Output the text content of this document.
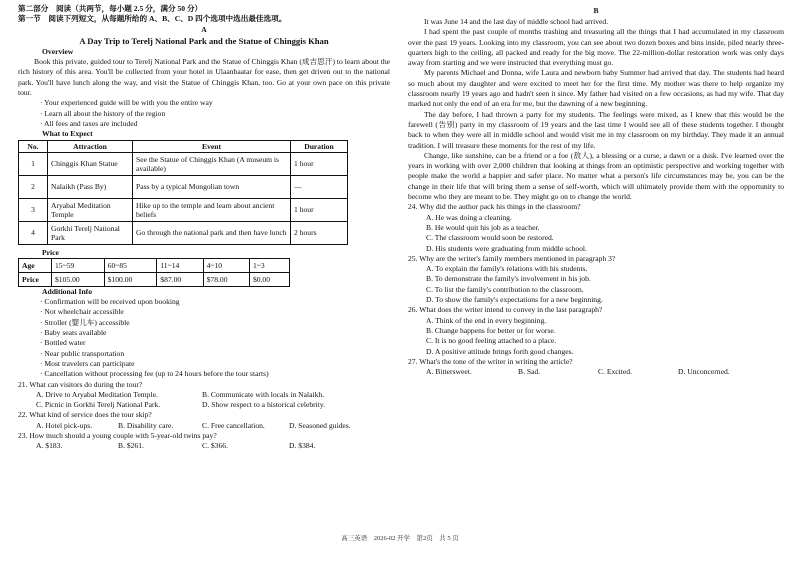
第二部分　阅读（共两节，每小题 2.5 分，满分 50 分）

第一节　阅读下列短文，从每题所给的 A、B、C、D 四个选项中选出最佳选项。

A

A Day Trip to Terelj National Park and the Statue of Chinggis Khan

Overview

Book this private, guided tour to Terelj National Park and the Statue of Chinggis Khan (成吉思汗) to learn about the rich history of this area. You'll be collected from your hotel in Ulaanbaatar for ease, then get driven out to the national park. You'll have lunch along the way, and visit the Statue of Chinggis Khan, too. Go at your own pace on this private tour.

· Your experienced guide will be with you the entire way

· Learn all about the history of the region

· All fees and taxes are included

What to Expect

No.	Attraction	Event	Duration
1	Chinggis Khan Statue	See the Statue of Chinggis Khan (A museum is available)	1 hour
2	Nalaikh (Pass By)	Pass by a typical Mongolian town	—
3	Aryabal Meditation Temple	Hike up to the temple and learn about ancient beliefs	1 hour
4	Gorkhi Terelj National Park	Go through the national park and then have lunch	2 hours

Price

Age	15~59	60~85	11~14	4~10	1~3
Price	$105.00	$100.00	$87.00	$78.00	$0.00

Additional Info

· Confirmation will be received upon booking

· Not wheelchair accessible

· Stroller (婴儿车) accessible

· Baby seats available

· Bottled water

· Near public transportation

· Most travelers can participate

· Cancellation without processing fee (up to 24 hours before the tour starts)

21. What can visitors do during the tour?

A. Drive to Aryabal Meditation Temple.	B. Communicate with locals in Nalaikh.
C. Picnic in Gorkhi Terelj National Park.	D. Show respect to a historical celebrity.

22. What kind of service does the tour skip?

A. Hotel pick-ups.	B. Disability care.	C. Free cancellation.	D. Seasoned guides.

23. How much should a young couple with 5-year-old twins pay?

A. $183.	B. $261.	C. $366.	D. $384.

B

It was June 14 and the last day of middle school had arrived.

I had spent the past couple of months trashing and treasuring all the things that I had accumulated in my classroom over the past 19 years. Looking into my classroom, you can see about two dozen boxes and bins inside, piled nearly three-quarters high to the ceiling, all packed and ready for the big move. The 22-million-dollar restoration work was only days away from starting and we were instructed that everything must go.

My parents Michael and Donna, wife Laura and newborn baby Summer had arrived that day. The students had heard so much about my daughter and were excited to meet her for the first time. My mother was there to help organize my classroom nearly 19 years ago and hadn't seen it since. My father had visited on a few occasions, as had my wife. That day marked not only the end of an era for me, but the dawning of a new beginning.

The day before, I had thrown a party for my students. The feelings were mixed, as I knew that this would be the farewell (告别) party in my classroom of 19 years and the last time I would see all of these students together. I thought back to when they were all in middle school and would visit me in my classroom on my birthday. They made it an annual tradition. I will treasure these moments for the rest of my life.

Change, like sunshine, can be a friend or a foe (敌人), a blessing or a curse, a dawn or a dusk. I've learned over the years in working with over 2,000 children that looking at things from an optimistic perspective and working together with people make the world a happier and safer place. No matter what a person's life circumstances may be, you can be the change in their life that will bring them a sense of self-worth, which will ultimately provide them with the opportunity to become who they are meant to be. They might go on to change the world.

24. Why did the author pack his things in the classroom?

A. He was doing a cleaning.

B. He would quit his job as a teacher.

C. The classroom would soon be restored.

D. His students were graduating from middle school.

25. Why are the writer's family members mentioned in paragraph 3?

A. To explain the family's relations with his students.

B. To demonstrate the family's involvement in his job.

C. To list the family's contribution to the classroom.

D. To show the family's expectations for a new beginning.

26. What does the writer intend to convey in the last paragraph?

A. Think of the end in every beginning.

B. Change happens for better or for worse.

C. It is no good feeling attached to a place.

D. A positive attitude brings forth good changes.

27. What's the tone of the writer in writing the article?

A. Bittersweet.	B. Sad.	C. Excited.	D. Unconcerned.
高三英语　2026-02 开学　第2页　共 5 页
